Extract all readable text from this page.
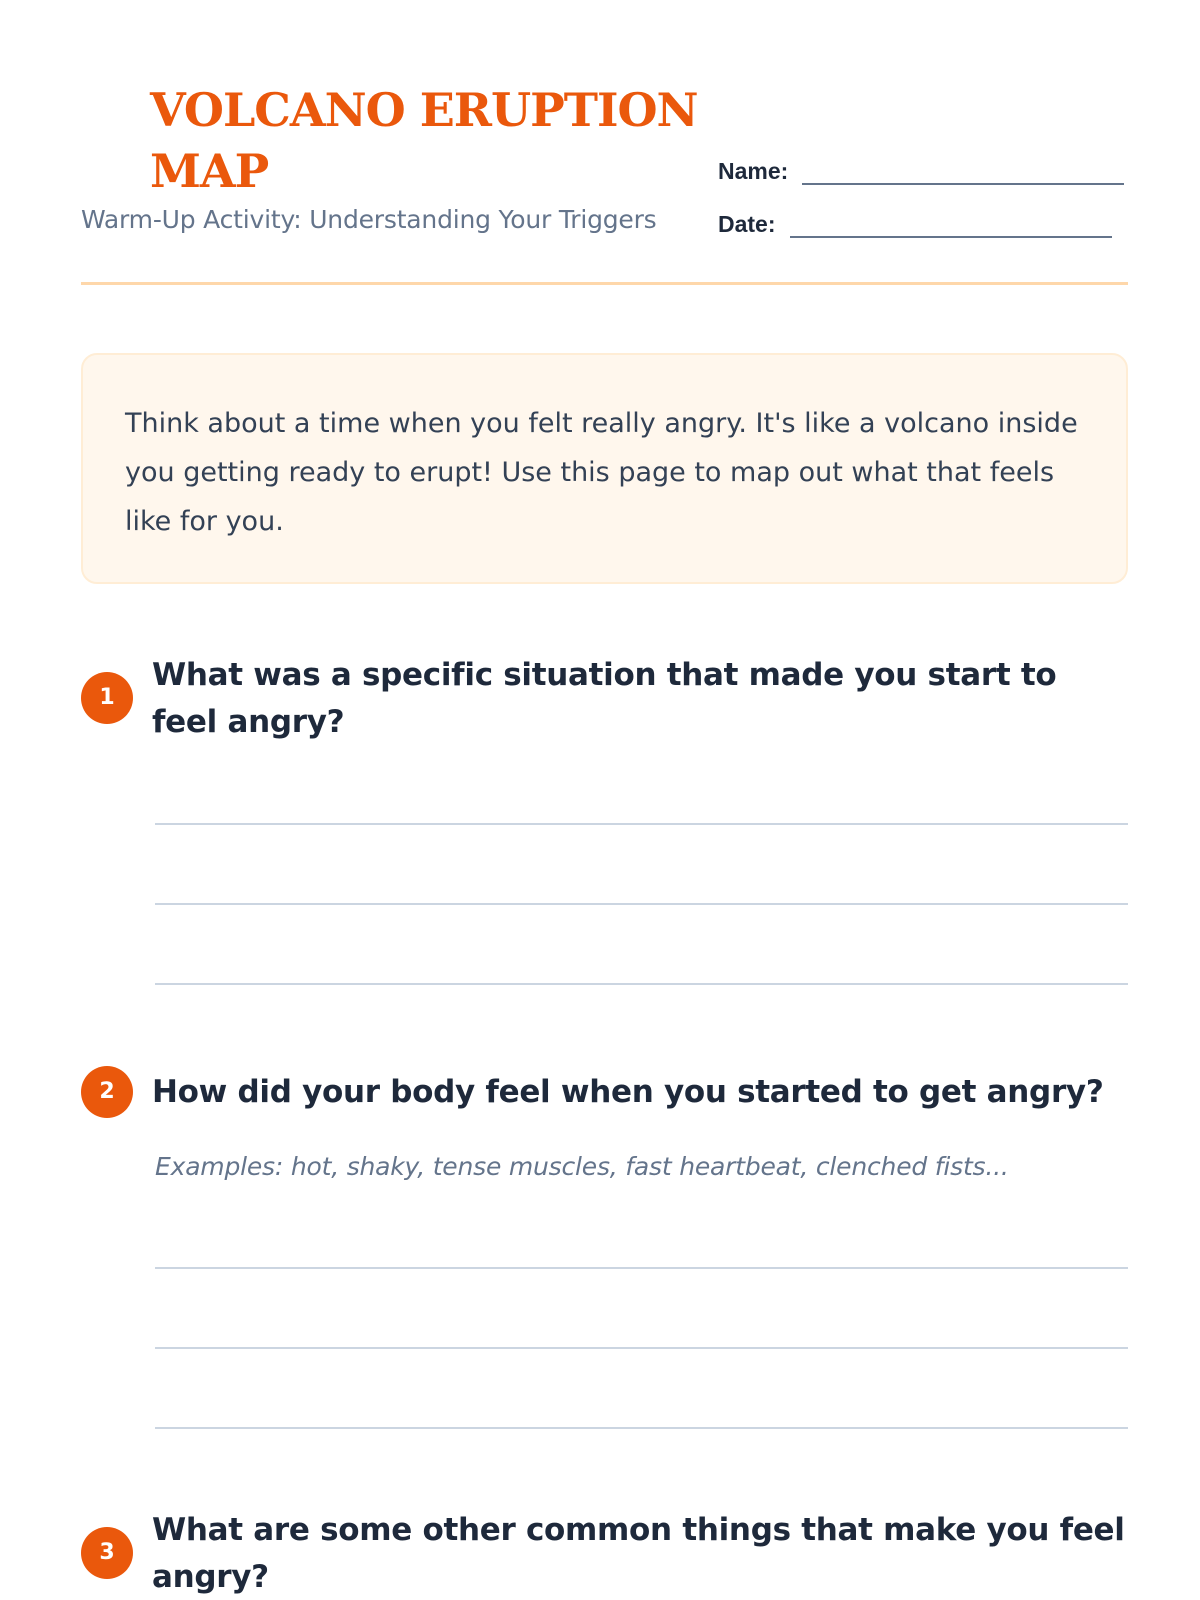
VOLCANO ERUPTION MAP
Warm-Up Activity: Understanding Your Triggers
Name:
Date:

Think about a time when you felt really angry. It's like a volcano inside you getting ready to erupt! Use this page to map out what that feels like for you.

1

What was a specific situation that made you start to feel angry?

2	How did your body feel when you started to get angry?

Examples: hot, shaky, tense muscles, fast heartbeat, clenched fists...

3

What are some other common things that make you feel angry?
